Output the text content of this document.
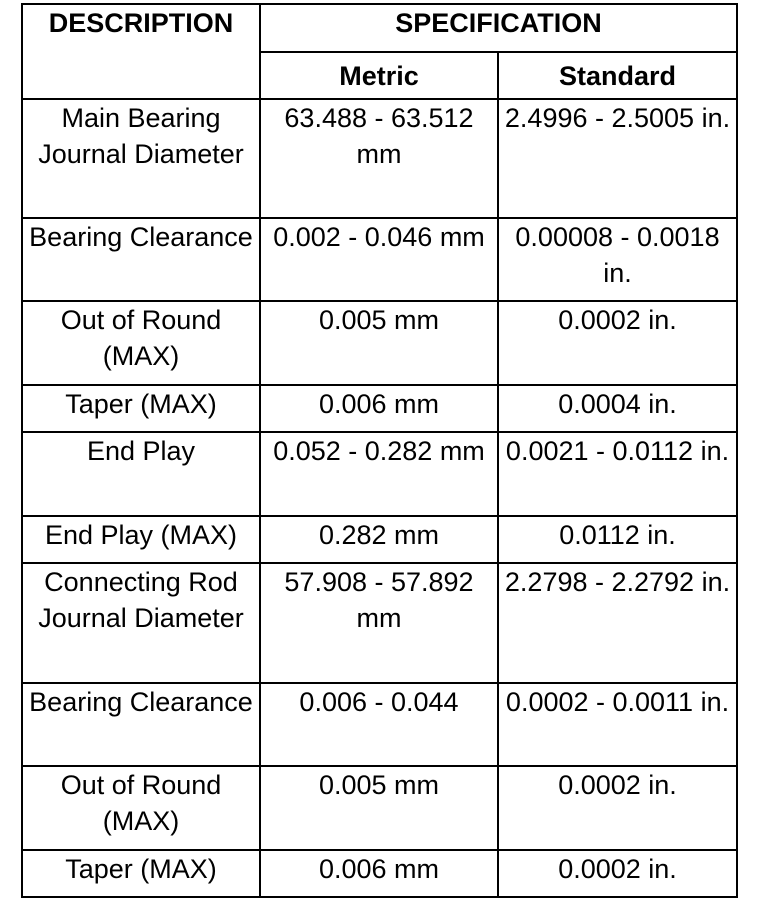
DESCRIPTION	SPECIFICATION	
	Metric	Standard
Main Bearing Journal Diameter	63.488 - 63.512 mm	2.4996 - 2.5005 in.
Bearing Clearance	0.002 - 0.046 mm	0.00008 - 0.0018 in.
Out of Round (MAX)	0.005 mm	0.0002 in.
Taper (MAX)	0.006 mm	0.0004 in.
End Play	0.052 - 0.282 mm	0.0021 - 0.0112 in.
End Play (MAX)	0.282 mm	0.0112 in.
Connecting Rod Journal Diameter	57.908 - 57.892 mm	2.2798 - 2.2792 in.
Bearing Clearance	0.006 - 0.044	0.0002 - 0.0011 in.
Out of Round (MAX)	0.005 mm	0.0002 in.
Taper (MAX)	0.006 mm	0.0002 in.
